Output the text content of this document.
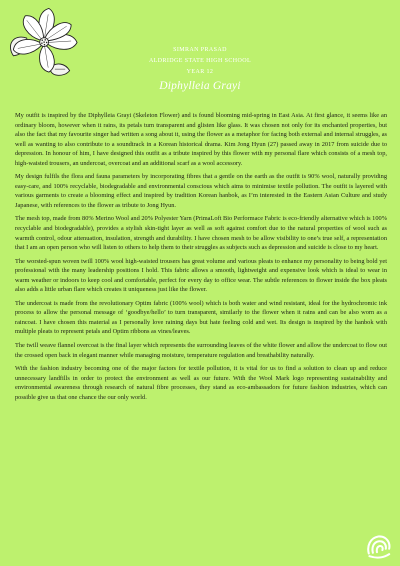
SIMRAN PRASAD
ALDRIDGE STATE HIGH SCHOOL
YEAR 12
Diphylleia Grayi

My outfit is inspired by the Diphylleia Grayi (Skeleton Flower) and is found blooming mid-spring in East Asia. At first glance, it seems like an ordinary bloom, however when it rains, its petals turn transparent and glisten like glass. It was chosen not only for its enchanted properties, but also the fact that my favourite singer had written a song about it, using the flower as a metaphor for facing both external and internal struggles, as well as wanting to also contribute to a soundtrack in a Korean historical drama. Kim Jong Hyun (27) passed away in 2017 from suicide due to depression. In honour of him, I have designed this outfit as a tribute inspired by this flower with my personal flare which consists of a mesh top, high-waisted trousers, an undercoat, overcoat and an additional scarf as a wool accessory.

My design fulfils the flora and fauna parameters by incorporating fibres that a gentle on the earth as the outfit is 90% wool, naturally providing easy-care, and 100% recyclable, biodegradable and environmental conscious which aims to minimise textile pollution. The outfit is layered with various garments to create a blooming effect and inspired by tradition Korean hanbok, as I’m interested in the Eastern Asian Culture and study Japanese, with references to the flower as tribute to Jong Hyun.

The mesh top, made from 80% Merino Wool and 20% Polyester Yarn (PrimaLoft Bio Performace Fabric is eco-friendly alternative which is 100% recyclable and biodegradable), provides a stylish skin-tight layer as well as soft against comfort due to the natural properties of wool such as warmth control, odour attenuation, insulation, strength and durability. I have chosen mesh to be allow visibility to one’s true self, a representation that I am an open person who will listen to others to help them to their struggles as subjects such as depression and suicide is close to my heart.

The worsted-spun woven twill 100% wool high-waisted trousers has great volume and various pleats to enhance my personality to being bold yet professional with the many leadership positions I hold. This fabric allows a smooth, lightweight and expensive look which is ideal to wear in warm weather or indoors to keep cool and comfortable, perfect for every day to office wear. The subtle references to flower inside the box pleats also adds a little urban flare which creates it uniqueness just like the flower.

The undercoat is made from the revolutionary Optim fabric (100% wool) which is both water and wind resistant, ideal for the hydrochromic ink process to allow the personal message of ‘goodbye/hello’ to turn transparent, similarly to the flower when it rains and can be also worn as a raincoat. I have chosen this material as I personally love raining days but hate feeling cold and wet. Its design is inspired by the hanbok with multiple pleats to represent petals and Optim ribbons as vines/leaves.

The twill weave flannel overcoat is the final layer which represents the surrounding leaves of the white flower and allow the undercoat to flow out the crossed open back in elegant manner while managing moisture, temperature regulation and breathability naturally.

With the fashion industry becoming one of the major factors for textile pollution, it is vital for us to find a solution to clean up and reduce unnecessary landfills in order to protect the environment as well as our future. With the Wool Mark logo representing sustainability and environmental awareness through research of natural fibre processes, they stand as eco-ambassadors for future fashion industries, which can possible give us that one chance the our only world.
